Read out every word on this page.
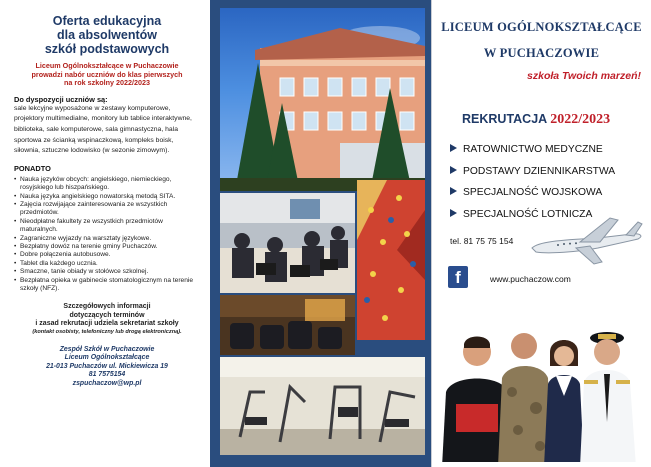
Oferta edukacyjna
dla absolwentów
szkół podstawowych
Liceum Ogólnokształcące w Puchaczowie
prowadzi nabór uczniów do klas pierwszych
na rok szkolny 2022/2023
Do dyspozycji uczniów są:
sale lekcyjne wyposażone w zestawy komputerowe, projektory multimedialne, monitory lub tablice interaktywne, biblioteka, sale komputerowe, sala gimnastyczna, hala sportowa ze ścianką wspinaczkową, kompleks boisk, siłownia, sztuczne lodowisko (w sezonie zimowym).
PONADTO
• Nauka języków obcych: angielskiego, niemieckiego, rosyjskiego lub hiszpańskiego.
• Nauka języka angielskiego nowatorską metodą SITA.
• Zajęcia rozwijające zainteresowania ze wszystkich przedmiotów.
• Nieodpłatne fakultety ze wszystkich przedmiotów maturalnych.
• Zagraniczne wyjazdy na warsztaty językowe.
• Bezpłatny dowóz na terenie gminy Puchaczów.
• Dobre połączenia autobusowe.
• Tablet dla każdego ucznia.
• Smaczne, tanie obiady w stołówce szkolnej.
• Bezpłatna opieka w gabinecie stomatologicznym na terenie szkoły (NFZ).
Szczegółowych informacji
dotyczących terminów
i zasad rekrutacji udziela sekretariat szkoły
(kontakt osobisty, telefoniczny lub drogą elektroniczną).
Zespół Szkół w Puchaczowie
Liceum Ogólnokształcące
21-013 Puchaczów ul. Mickiewicza 19
81 7575154
zspuchaczow@wp.pl
LICEUM OGÓLNOKSZTAŁCĄCE
W PUCHACZOWIE
szkoła Twoich marzeń!
REKRUTACJA 2022/2023
RATOWNICTWO MEDYCZNE
PODSTAWY DZIENNIKARSTWA
SPECJALNOŚĆ WOJSKOWA
SPECJALNOŚĆ LOTNICZA
tel. 81 75 75 154
f	www.puchaczow.com
